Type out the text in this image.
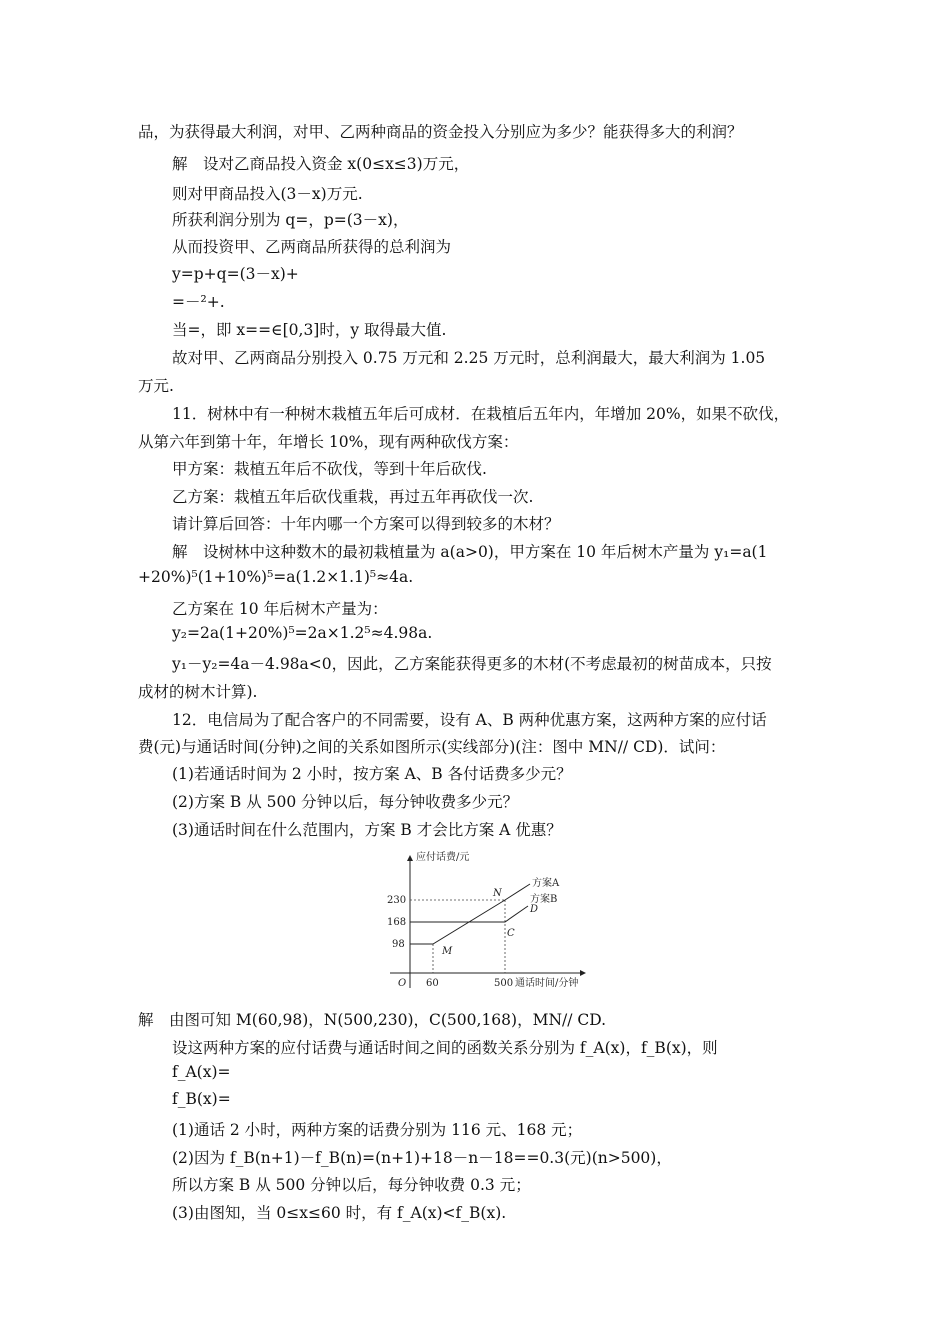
品，为获得最大利润，对甲、乙两种商品的资金投入分别应为多少？能获得多大的利润？
解　设对乙商品投入资金 x(0≤x≤3)万元，
则对甲商品投入(3－x)万元.
所获利润分别为 q=，p=(3－x)，
从而投资甲、乙两商品所获得的总利润为
y=p+q=(3－x)+
=－²+.
当=，即 x==∈[0,3]时，y 取得最大值.
故对甲、乙两商品分别投入 0.75 万元和 2.25 万元时，总利润最大，最大利润为 1.05
万元.
11．树林中有一种树木栽植五年后可成材．在栽植后五年内，年增加 20%，如果不砍伐，
从第六年到第十年，年增长 10%，现有两种砍伐方案：
甲方案：栽植五年后不砍伐，等到十年后砍伐.
乙方案：栽植五年后砍伐重栽，再过五年再砍伐一次.
请计算后回答：十年内哪一个方案可以得到较多的木材？
解　设树林中这种数木的最初栽植量为 a(a>0)，甲方案在 10 年后树木产量为 y₁=a(1
+20%)⁵(1+10%)⁵=a(1.2×1.1)⁵≈4a.
乙方案在 10 年后树木产量为：
y₂=2a(1+20%)⁵=2a×1.2⁵≈4.98a.
y₁－y₂=4a－4.98a<0，因此，乙方案能获得更多的木材(不考虑最初的树苗成本，只按
成材的树木计算).
12．电信局为了配合客户的不同需要，设有 A、B 两种优惠方案，这两种方案的应付话
费(元)与通话时间(分钟)之间的关系如图所示(实线部分)(注：图中 MN// CD)．试问：
(1)若通话时间为 2 小时，按方案 A、B 各付话费多少元？
(2)方案 B 从 500 分钟以后，每分钟收费多少元？
(3)通话时间在什么范围内，方案 B 才会比方案 A 优惠？
应付话费/元
通话时间/分钟
O 60	500
230
168
98
M
N
C
D
方案A
方案B
解　由图可知 M(60,98)，N(500,230)，C(500,168)，MN// CD.
设这两种方案的应付话费与通话时间之间的函数关系分别为 f_A(x)，f_B(x)，则
f_A(x)=
f_B(x)=
(1)通话 2 小时，两种方案的话费分别为 116 元、168 元；
(2)因为 f_B(n+1)－f_B(n)=(n+1)+18－n－18==0.3(元)(n>500)，
所以方案 B 从 500 分钟以后，每分钟收费 0.3 元；
(3)由图知，当 0≤x≤60 时，有 f_A(x)<f_B(x).
